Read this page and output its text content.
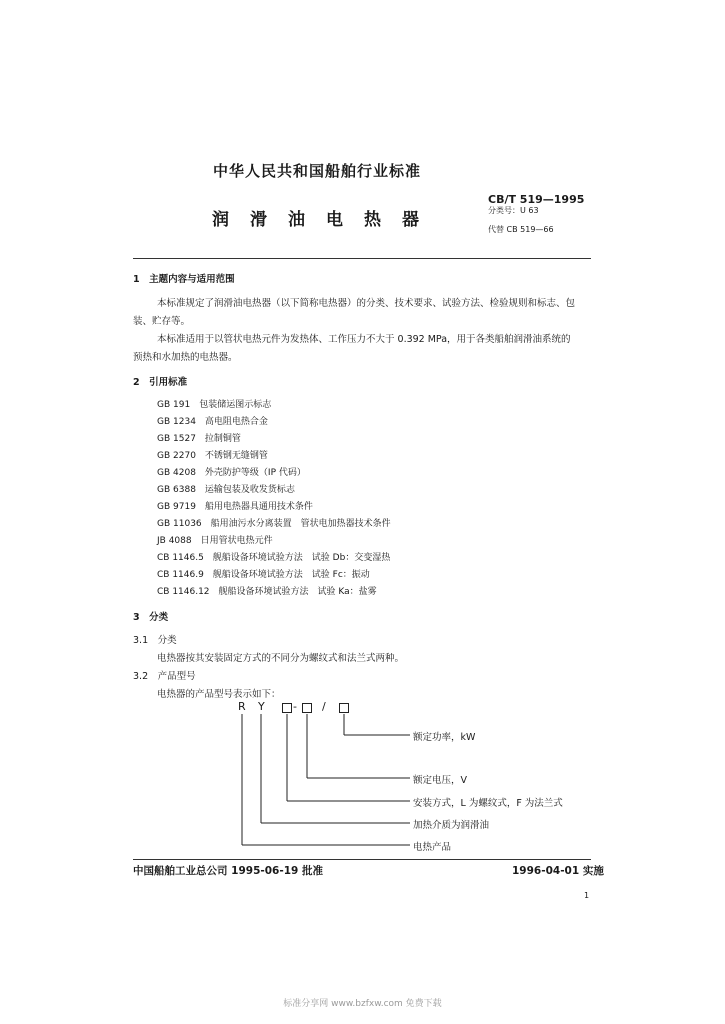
中华人民共和国船舶行业标准
润滑油电热器
CB/T 519—1995
分类号：U 63
代替 CB 519—66
1　主题内容与适用范围
本标准规定了润滑油电热器（以下简称电热器）的分类、技术要求、试验方法、检验规则和标志、包
装、贮存等。
本标准适用于以管状电热元件为发热体、工作压力不大于 0.392 MPa，用于各类船舶润滑油系统的
预热和水加热的电热器。
2　引用标准
GB 191　包装储运图示标志
GB 1234　高电阻电热合金
GB 1527　拉制铜管
GB 2270　不锈钢无缝钢管
GB 4208　外壳防护等级（IP 代码）
GB 6388　运输包装及收发货标志
GB 9719　船用电热器具通用技术条件
GB 11036　船用油污水分离装置　管状电加热器技术条件
JB 4088　日用管状电热元件
CB 1146.5　舰船设备环境试验方法　试验 Db：交变湿热
CB 1146.9　舰船设备环境试验方法　试验 Fc：振动
CB 1146.12　舰船设备环境试验方法　试验 Ka：盐雾
3　分类
3.1　分类
电热器按其安装固定方式的不同分为螺纹式和法兰式两种。
3.2　产品型号
电热器的产品型号表示如下：
R Y	- /
额定功率，kW
额定电压，V
安装方式，L 为螺纹式，F 为法兰式
加热介质为润滑油
电热产品
中国船舶工业总公司 1995-06-19 批准	1996-04-01 实施
1
标准分享网 www.bzfxw.com 免费下载
